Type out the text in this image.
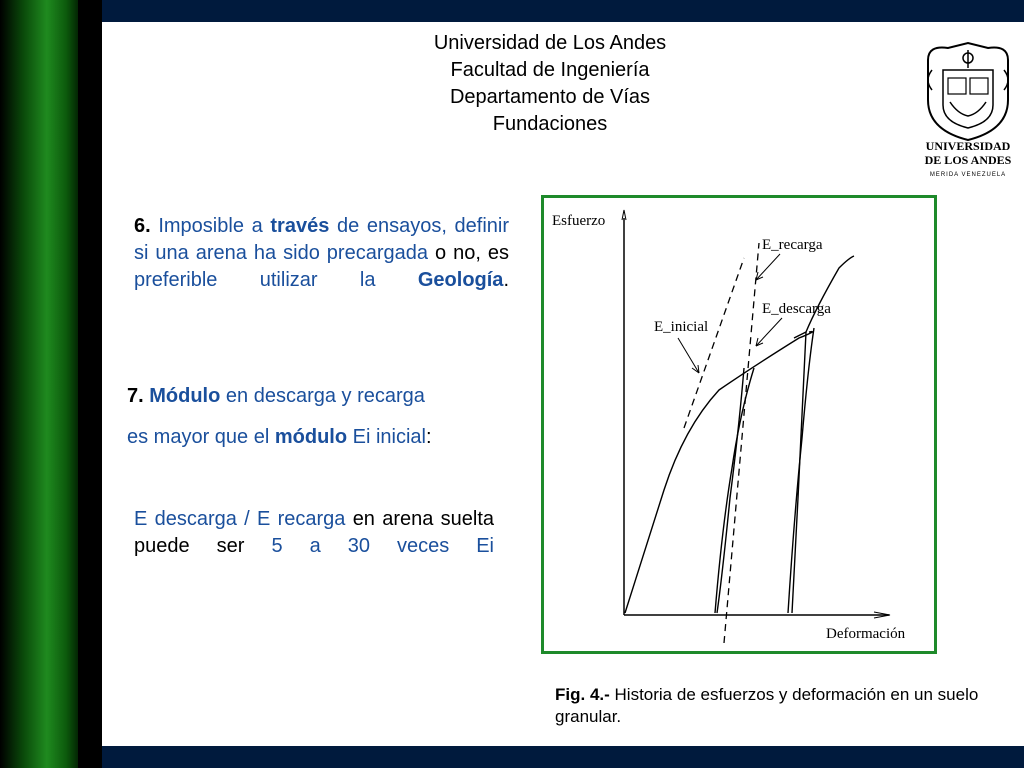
Universidad de Los Andes
Facultad de Ingeniería
Departamento de Vías
Fundaciones
UNIVERSIDAD
DE LOS ANDES
MERIDA VENEZUELA
6. Imposible a través de ensayos, definir si una arena ha sido precargada o no, es preferible utilizar la Geología.
7. Módulo en descarga y recarga
es mayor que el módulo Ei inicial:
E descarga / E recarga en arena suelta puede ser 5 a 30 veces Ei
Esfuerzo
Deformación
E_recarga
E_descarga
E_inicial
Fig. 4.- Historia de esfuerzos y deformación en un suelo granular.
